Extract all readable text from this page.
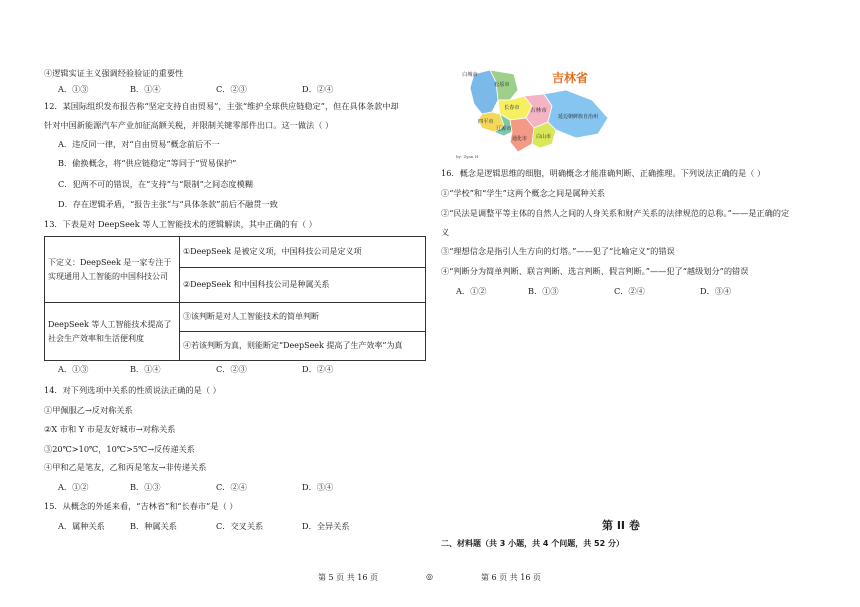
④逻辑实证主义强调经验验证的重要性
A．①③	B．①④	C．②③	D．②④
12．某国际组织发布报告称“坚定支持自由贸易”，主张“维护全球供应链稳定”，但在具体条款中却
针对中国新能源汽车产业加征高额关税，并限制关键零部件出口。这一做法（ ）
A．违反同一律，对“自由贸易”概念前后不一
B．偷换概念，将“供应链稳定”等同于“贸易保护”
C．犯两不可的错误，在“支持”与“限制”之间态度模糊
D．存在逻辑矛盾，“报告主张”与“具体条款”前后不融贯一致
13．下表是对 DeepSeek 等人工智能技术的逻辑解读，其中正确的有（ ）
下定义：DeepSeek 是一家专注于实现通用人工智能的中国科技公司	①DeepSeek 是被定义项，中国科技公司是定义项
	②DeepSeek 和中国科技公司是种属关系
DeepSeek 等人工智能技术提高了社会生产效率和生活便利度	③该判断是对人工智能技术的简单判断
	④若该判断为真，则能断定“DeepSeek 提高了生产效率”为真
A．①③	B．①④	C．②③	D．②④
14．对下列选项中关系的性质说法正确的是（ ）
①甲佩服乙→反对称关系
②X 市和 Y 市是友好城市→对称关系
③20℃>10℃，10℃>5℃→反传递关系
④甲和乙是笔友，乙和丙是笔友→非传递关系
A．①②	B．①③	C．②④	D．③④
15．从概念的外延来看，“吉林省”和“长春市”是（ ）
A．属种关系	B．种属关系	C．交叉关系	D．全异关系
白城市
松原市
长春市
四平市
辽源市
吉林市
延边朝鲜族自治州
通化市 白山市
吉林省
by: Zyan H
16．概念是逻辑思维的细胞，明确概念才能准确判断、正确推理。下列说法正确的是（ ）
①“学校”和“学生”这两个概念之间是属种关系
②“民法是调整平等主体的自然人之间的人身关系和财产关系的法律规范的总称。”——是正确的定
义
③“理想信念是指引人生方向的灯塔。”——犯了“比喻定义”的错误
④“判断分为简单判断、联言判断、选言判断、假言判断。”——犯了“越级划分”的错误
A．①②	B．①③	C．②④	D．③④
第 II 卷
二、材料题（共 3 小题，共 4 个问题，共 52 分）
第 5 页 共 16 页	◎	第 6 页 共 16 页
